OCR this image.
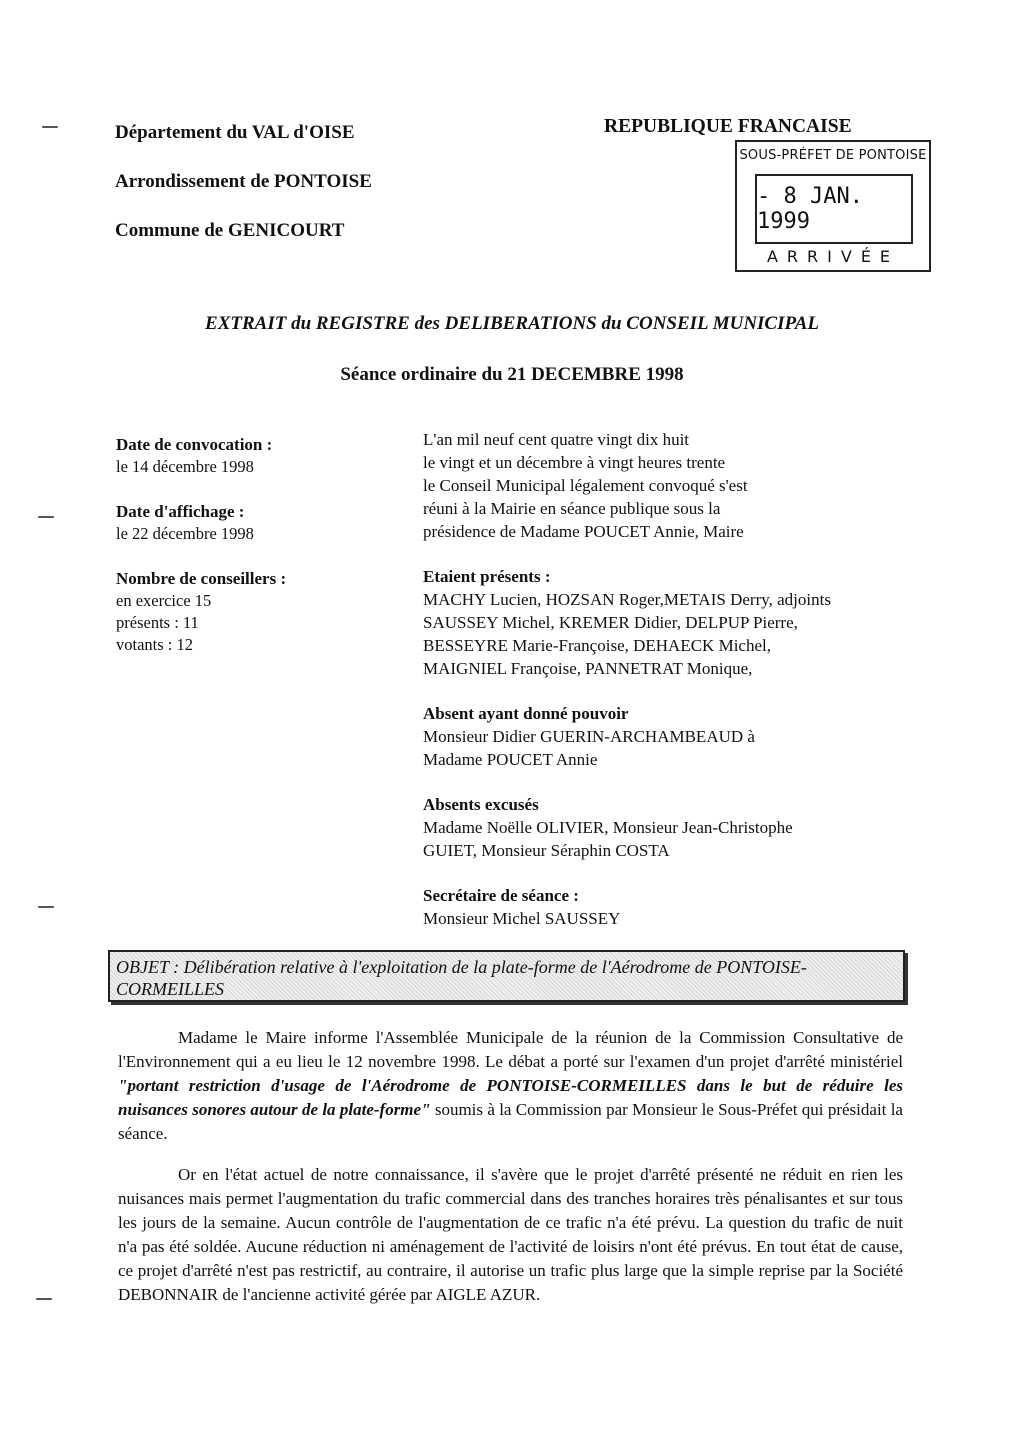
Département du VAL d'OISE
Arrondissement de PONTOISE
Commune de GENICOURT
REPUBLIQUE FRANCAISE
SOUS-PRÉFET DE PONTOISE
- 8 JAN. 1999
ARRIVÉE
EXTRAIT du REGISTRE des DELIBERATIONS du CONSEIL MUNICIPAL
Séance ordinaire du 21 DECEMBRE 1998
Date de convocation :
le 14 décembre 1998
Date d'affichage :
le 22 décembre 1998
Nombre de conseillers :
en exercice 15
présents : 11
votants : 12
L'an mil neuf cent quatre vingt dix huit
le vingt et un décembre à vingt heures trente
le Conseil Municipal légalement convoqué s'est
réuni à la Mairie en séance publique sous la
présidence de Madame POUCET Annie, Maire
Etaient présents :
MACHY Lucien, HOZSAN Roger,METAIS Derry, adjoints
SAUSSEY Michel, KREMER Didier, DELPUP Pierre,
BESSEYRE Marie-Françoise, DEHAECK Michel,
MAIGNIEL Françoise, PANNETRAT Monique,
Absent ayant donné pouvoir
Monsieur Didier GUERIN-ARCHAMBEAUD à
Madame POUCET Annie
Absents excusés
Madame Noëlle OLIVIER, Monsieur Jean-Christophe
GUIET, Monsieur Séraphin COSTA
Secrétaire de séance :
Monsieur Michel SAUSSEY
OBJET : Délibération relative à l'exploitation de la plate-forme de l'Aérodrome de PONTOISE-
CORMEILLES
Madame le Maire informe l'Assemblée Municipale de la réunion de la Commission Consultative de l'Environnement qui a eu lieu le 12 novembre 1998. Le débat a porté sur l'examen d'un projet d'arrêté ministériel "portant restriction d'usage de l'Aérodrome de PONTOISE-CORMEILLES dans le but de réduire les nuisances sonores autour de la plate-forme" soumis à la Commission par Monsieur le Sous-Préfet qui présidait la séance.
Or en l'état actuel de notre connaissance, il s'avère que le projet d'arrêté présenté ne réduit en rien les nuisances mais permet l'augmentation du trafic commercial dans des tranches horaires très pénalisantes et sur tous les jours de la semaine. Aucun contrôle de l'augmentation de ce trafic n'a été prévu. La question du trafic de nuit n'a pas été soldée. Aucune réduction ni aménagement de l'activité de loisirs n'ont été prévus. En tout état de cause, ce projet d'arrêté n'est pas restrictif, au contraire, il autorise un trafic plus large que la simple reprise par la Société DEBONNAIR de l'ancienne activité gérée par AIGLE AZUR.
